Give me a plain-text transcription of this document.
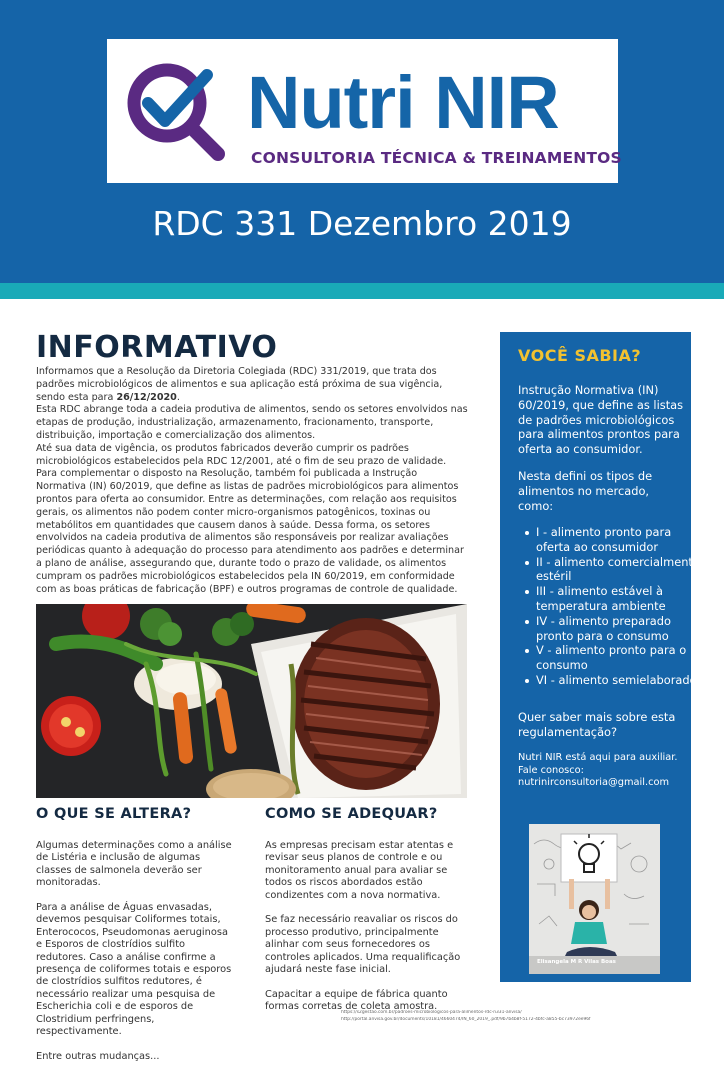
Nutri NIR
CONSULTORIA TÉCNICA & TREINAMENTOS
RDC 331 Dezembro 2019
INFORMATIVO

Informamos que a Resolução da Diretoria Colegiada (RDC) 331/2019, que trata dos padrões microbiológicos de alimentos e sua aplicação está próxima de sua vigência, sendo esta para 26/12/2020.

Esta RDC abrange toda a cadeia produtiva de alimentos, sendo os setores envolvidos nas etapas de produção, industrialização, armazenamento, fracionamento, transporte, distribuição, importação e comercialização dos alimentos.

Até sua data de vigência, os produtos fabricados deverão cumprir os padrões microbiológicos estabelecidos pela RDC 12/2001, até o fim de seu prazo de validade. Para complementar o disposto na Resolução, também foi publicada a Instrução Normativa (IN) 60/2019, que define as listas de padrões microbiológicos para alimentos prontos para oferta ao consumidor. Entre as determinações, com relação aos requisitos gerais, os alimentos não podem conter micro-organismos patogênicos, toxinas ou metabólitos em quantidades que causem danos à saúde. Dessa forma, os setores envolvidos na cadeia produtiva de alimentos são responsáveis por realizar avaliações periódicas quanto à adequação do processo para atendimento aos padrões e determinar a plano de análise, assegurando que, durante todo o prazo de validade, os alimentos cumpram os padrões microbiológicos estabelecidos pela IN 60/2019, em conformidade com as boas práticas de fabricação (BPF) e outros programas de controle de qualidade.

O QUE SE ALTERA?

Algumas determinações como a análise de Listéria e inclusão de algumas classes de salmonela deverão ser monitoradas.

Para a análise de Águas envasadas, devemos pesquisar Coliformes totais, Enterococos, Pseudomonas aeruginosa e Esporos de clostrídios sulfito redutores. Caso a análise confirme a presença de coliformes totais e esporos de clostrídios sulfitos redutores, é necessário realizar uma pesquisa de Escherichia coli e de esporos de Clostridium perfringens, respectivamente.

Entre outras mudanças...

COMO SE ADEQUAR?

As empresas precisam estar atentas e revisar seus planos de controle e ou monitoramento anual para avaliar se todos os riscos abordados estão condizentes com a nova normativa.

Se faz necessário reavaliar os riscos do processo produtivo, principalmente alinhar com seus fornecedores os controles aplicados. Uma requalificação ajudará neste fase inicial.

Capacitar a equipe de fábrica quanto formas corretas de coleta amostra.

VOCÊ SABIA?
Instrução Normativa (IN) 60/2019, que define as listas de padrões microbiológicos para alimentos prontos para oferta ao consumidor.
Nesta defini os tipos de alimentos no mercado, como:
I - alimento pronto para oferta ao consumidor
II - alimento comercialmente estéril
III - alimento estável à temperatura ambiente
IV - alimento preparado pronto para o consumo
V - alimento pronto para o consumo
VI - alimento semielaborado
Quer saber mais sobre esta regulamentação?

Nutri NIR está aqui para auxiliar.

Fale conosco:

nutrinirconsultoria@gmail.com

Elisangela M R Vilas Boas
https://s2gestao.com.br/padroes-microbiologicos-para-alimentos-rdc-n331-anvisa/
http://portal.anvisa.gov.br/documents/10181/4660474/IN_60_2019_.pdf/9b7b4b8f-5172-4bfc-a855-bc73972ee96f
